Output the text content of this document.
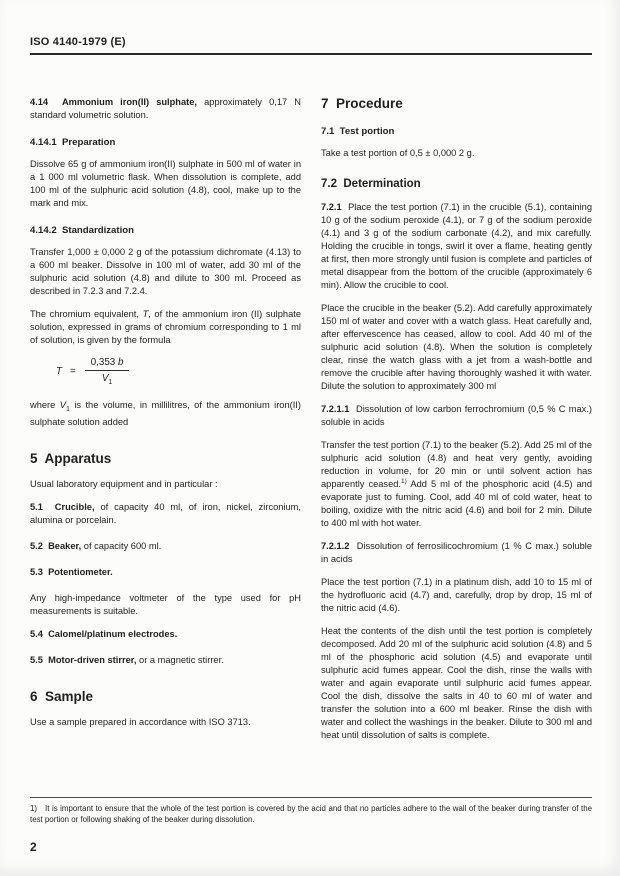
ISO 4140-1979 (E)

4.14  Ammonium iron(II) sulphate, approximately 0,17 N standard volumetric solution.

4.14.1  Preparation

Dissolve 65 g of ammonium iron(II) sulphate in 500 ml of water in a 1 000 ml volumetric flask. When dissolution is complete, add 100 ml of the sulphuric acid solution (4.8), cool, make up to the mark and mix.

4.14.2  Standardization

Transfer 1,000 ± 0,000 2 g of the potassium dichromate (4.13) to a 600 ml beaker. Dissolve in 100 ml of water, add 30 ml of the sulphuric acid solution (4.8) and dilute to 300 ml. Proceed as described in 7.2.3 and 7.2.4.

The chromium equivalent, T, of the ammonium iron (II) sulphate solution, expressed in grams of chromium corresponding to 1 ml of solution, is given by the formula

$T = \frac{0,353 b}{V_1}$

where $V_1$ is the volume, in millilitres, of the ammonium iron(II) sulphate solution added

5  Apparatus

Usual laboratory equipment and in particular :

5.1  Crucible, of capacity 40 ml, of iron, nickel, zirconium, alumina or porcelain.

5.2  Beaker, of capacity 600 ml.

5.3  Potentiometer.

Any high-impedance voltmeter of the type used for pH measurements is suitable.

5.4  Calomel/platinum electrodes.

5.5  Motor-driven stirrer, or a magnetic stirrer.

6  Sample

Use a sample prepared in accordance with ISO 3713.

7  Procedure
7.1  Test portion

Take a test portion of 0,5 ± 0,000 2 g.

7.2  Determination

7.2.1  Place the test portion (7.1) in the crucible (5.1), containing 10 g of the sodium peroxide (4.1), or 7 g of the sodium peroxide (4.1) and 3 g of the sodium carbonate (4.2), and mix carefully. Holding the crucible in tongs, swirl it over a flame, heating gently at first, then more strongly until fusion is complete and particles of metal disappear from the bottom of the crucible (approximately 6 min). Allow the crucible to cool.

Place the crucible in the beaker (5.2). Add carefully approximately 150 ml of water and cover with a watch glass. Heat carefully and, after effervescence has ceased, allow to cool. Add 40 ml of the sulphuric acid solution (4.8). When the solution is completely clear, rinse the watch glass with a jet from a wash-bottle and remove the crucible after having thoroughly washed it with water. Dilute the solution to approximately 300 ml

7.2.1.1  Dissolution of low carbon ferrochromium (0,5 % C max.) soluble in acids

Transfer the test portion (7.1) to the beaker (5.2). Add 25 ml of the sulphuric acid solution (4.8) and heat very gently, avoiding reduction in volume, for 20 min or until solvent action has apparently ceased.$^{1)}$ Add 5 ml of the phosphoric acid (4.5) and evaporate just to fuming. Cool, add 40 ml of cold water, heat to boiling, oxidize with the nitric acid (4.6) and boil for 2 min. Dilute to 400 ml with hot water.

7.2.1.2  Dissolution of ferrosilicochromium (1 % C max.) soluble in acids

Place the test portion (7.1) in a platinum dish, add 10 to 15 ml of the hydrofluoric acid (4.7) and, carefully, drop by drop, 15 ml of the nitric acid (4.6).

Heat the contents of the dish until the test portion is completely decomposed. Add 20 ml of the sulphuric acid solution (4.8) and 5 ml of the phosphoric acid solution (4.5) and evaporate until sulphuric acid fumes appear. Cool the dish, rinse the walls with water and again evaporate until sulphuric acid fumes appear. Cool the dish, dissolve the salts in 40 to 60 ml of water and transfer the solution into a 600 ml beaker. Rinse the dish with water and collect the washings in the beaker. Dilute to 300 ml and heat until dissolution of salts is complete.

1) It is important to ensure that the whole of the test portion is covered by the acid and that no particles adhere to the wall of the beaker during transfer of the test portion or following shaking of the beaker during dissolution.

2
